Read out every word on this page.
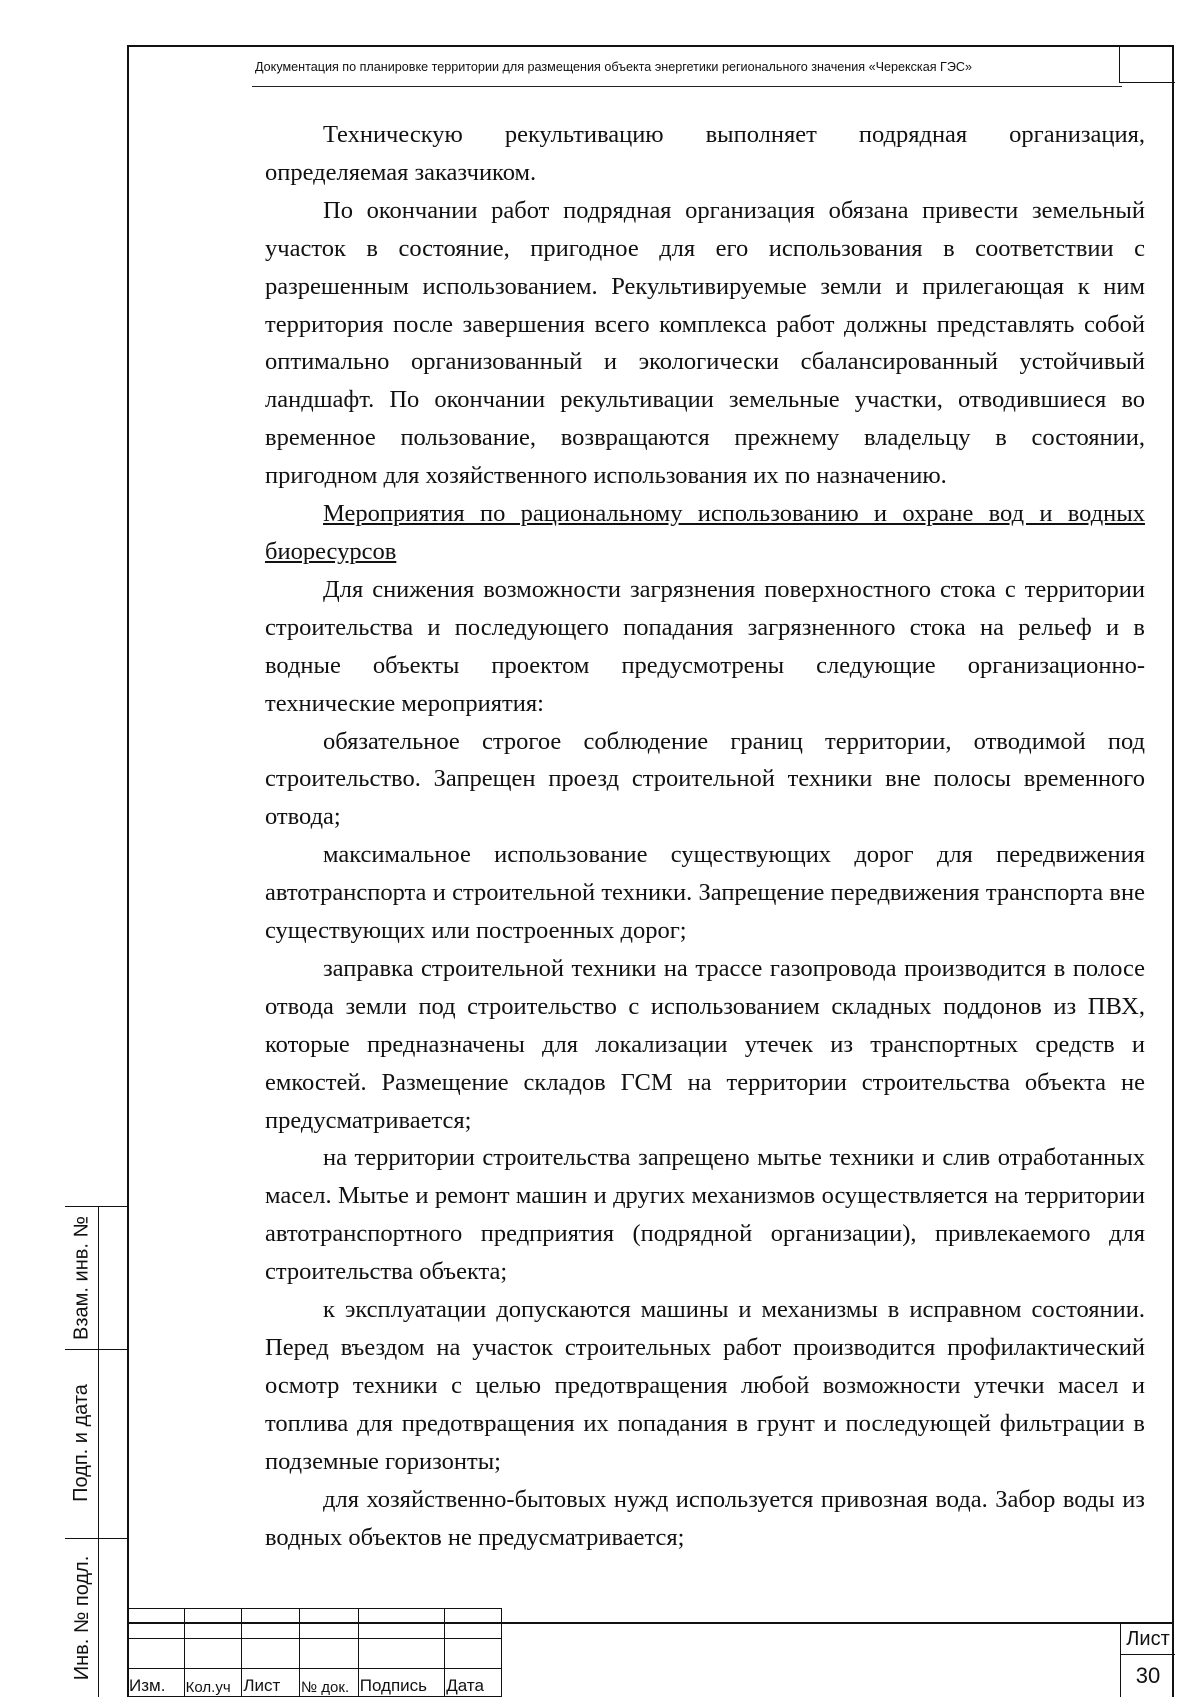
Документация по планировке территории для размещения объекта энергетики регионального значения «Черекская ГЭС»

Техническую рекультивацию выполняет подрядная организация, определяемая заказчиком.

По окончании работ подрядная организация обязана привести земельный участок в состояние, пригодное для его использования в соответствии с разрешенным использованием. Рекультивируемые земли и прилегающая к ним территория после завершения всего комплекса работ должны представлять собой оптимально организованный и экологически сбалансированный устойчивый ландшафт. По окончании рекультивации земельные участки, отводившиеся во временное пользование, возвращаются прежнему владельцу в состоянии, пригодном для хозяйственного использования их по назначению.

Мероприятия по рациональному использованию и охране вод и водных биоресурсов

Для снижения возможности загрязнения поверхностного стока с территории строительства и последующего попадания загрязненного стока на рельеф и в водные объекты проектом предусмотрены следующие организационно-технические мероприятия:

обязательное строгое соблюдение границ территории, отводимой под строительство. Запрещен проезд строительной техники вне полосы временного отвода;

максимальное использование существующих дорог для передвижения автотранспорта и строительной техники. Запрещение передвижения транспорта вне существующих или построенных дорог;

заправка строительной техники на трассе газопровода производится в полосе отвода земли под строительство с использованием складных поддонов из ПВХ, которые предназначены для локализации утечек из транспортных средств и емкостей. Размещение складов ГСМ на территории строительства объекта не предусматривается;

на территории строительства запрещено мытье техники и слив отработанных масел. Мытье и ремонт машин и других механизмов осуществляется на территории автотранспортного предприятия (подрядной организации), привлекаемого для строительства объекта;

к эксплуатации допускаются машины и механизмы в исправном состоянии. Перед въездом на участок строительных работ производится профилактический осмотр техники с целью предотвращения любой возможности утечки масел и топлива для предотвращения их попадания в грунт и последующей фильтрации в подземные горизонты;

для хозяйственно-бытовых нужд используется привозная вода. Забор воды из водных объектов не предусматривается;

Изм.	Кол.уч	Лист	№ док.	Подпись	Дата
Лист
30
Взам. инв. №
Подп. и дата
Инв. № подл.
